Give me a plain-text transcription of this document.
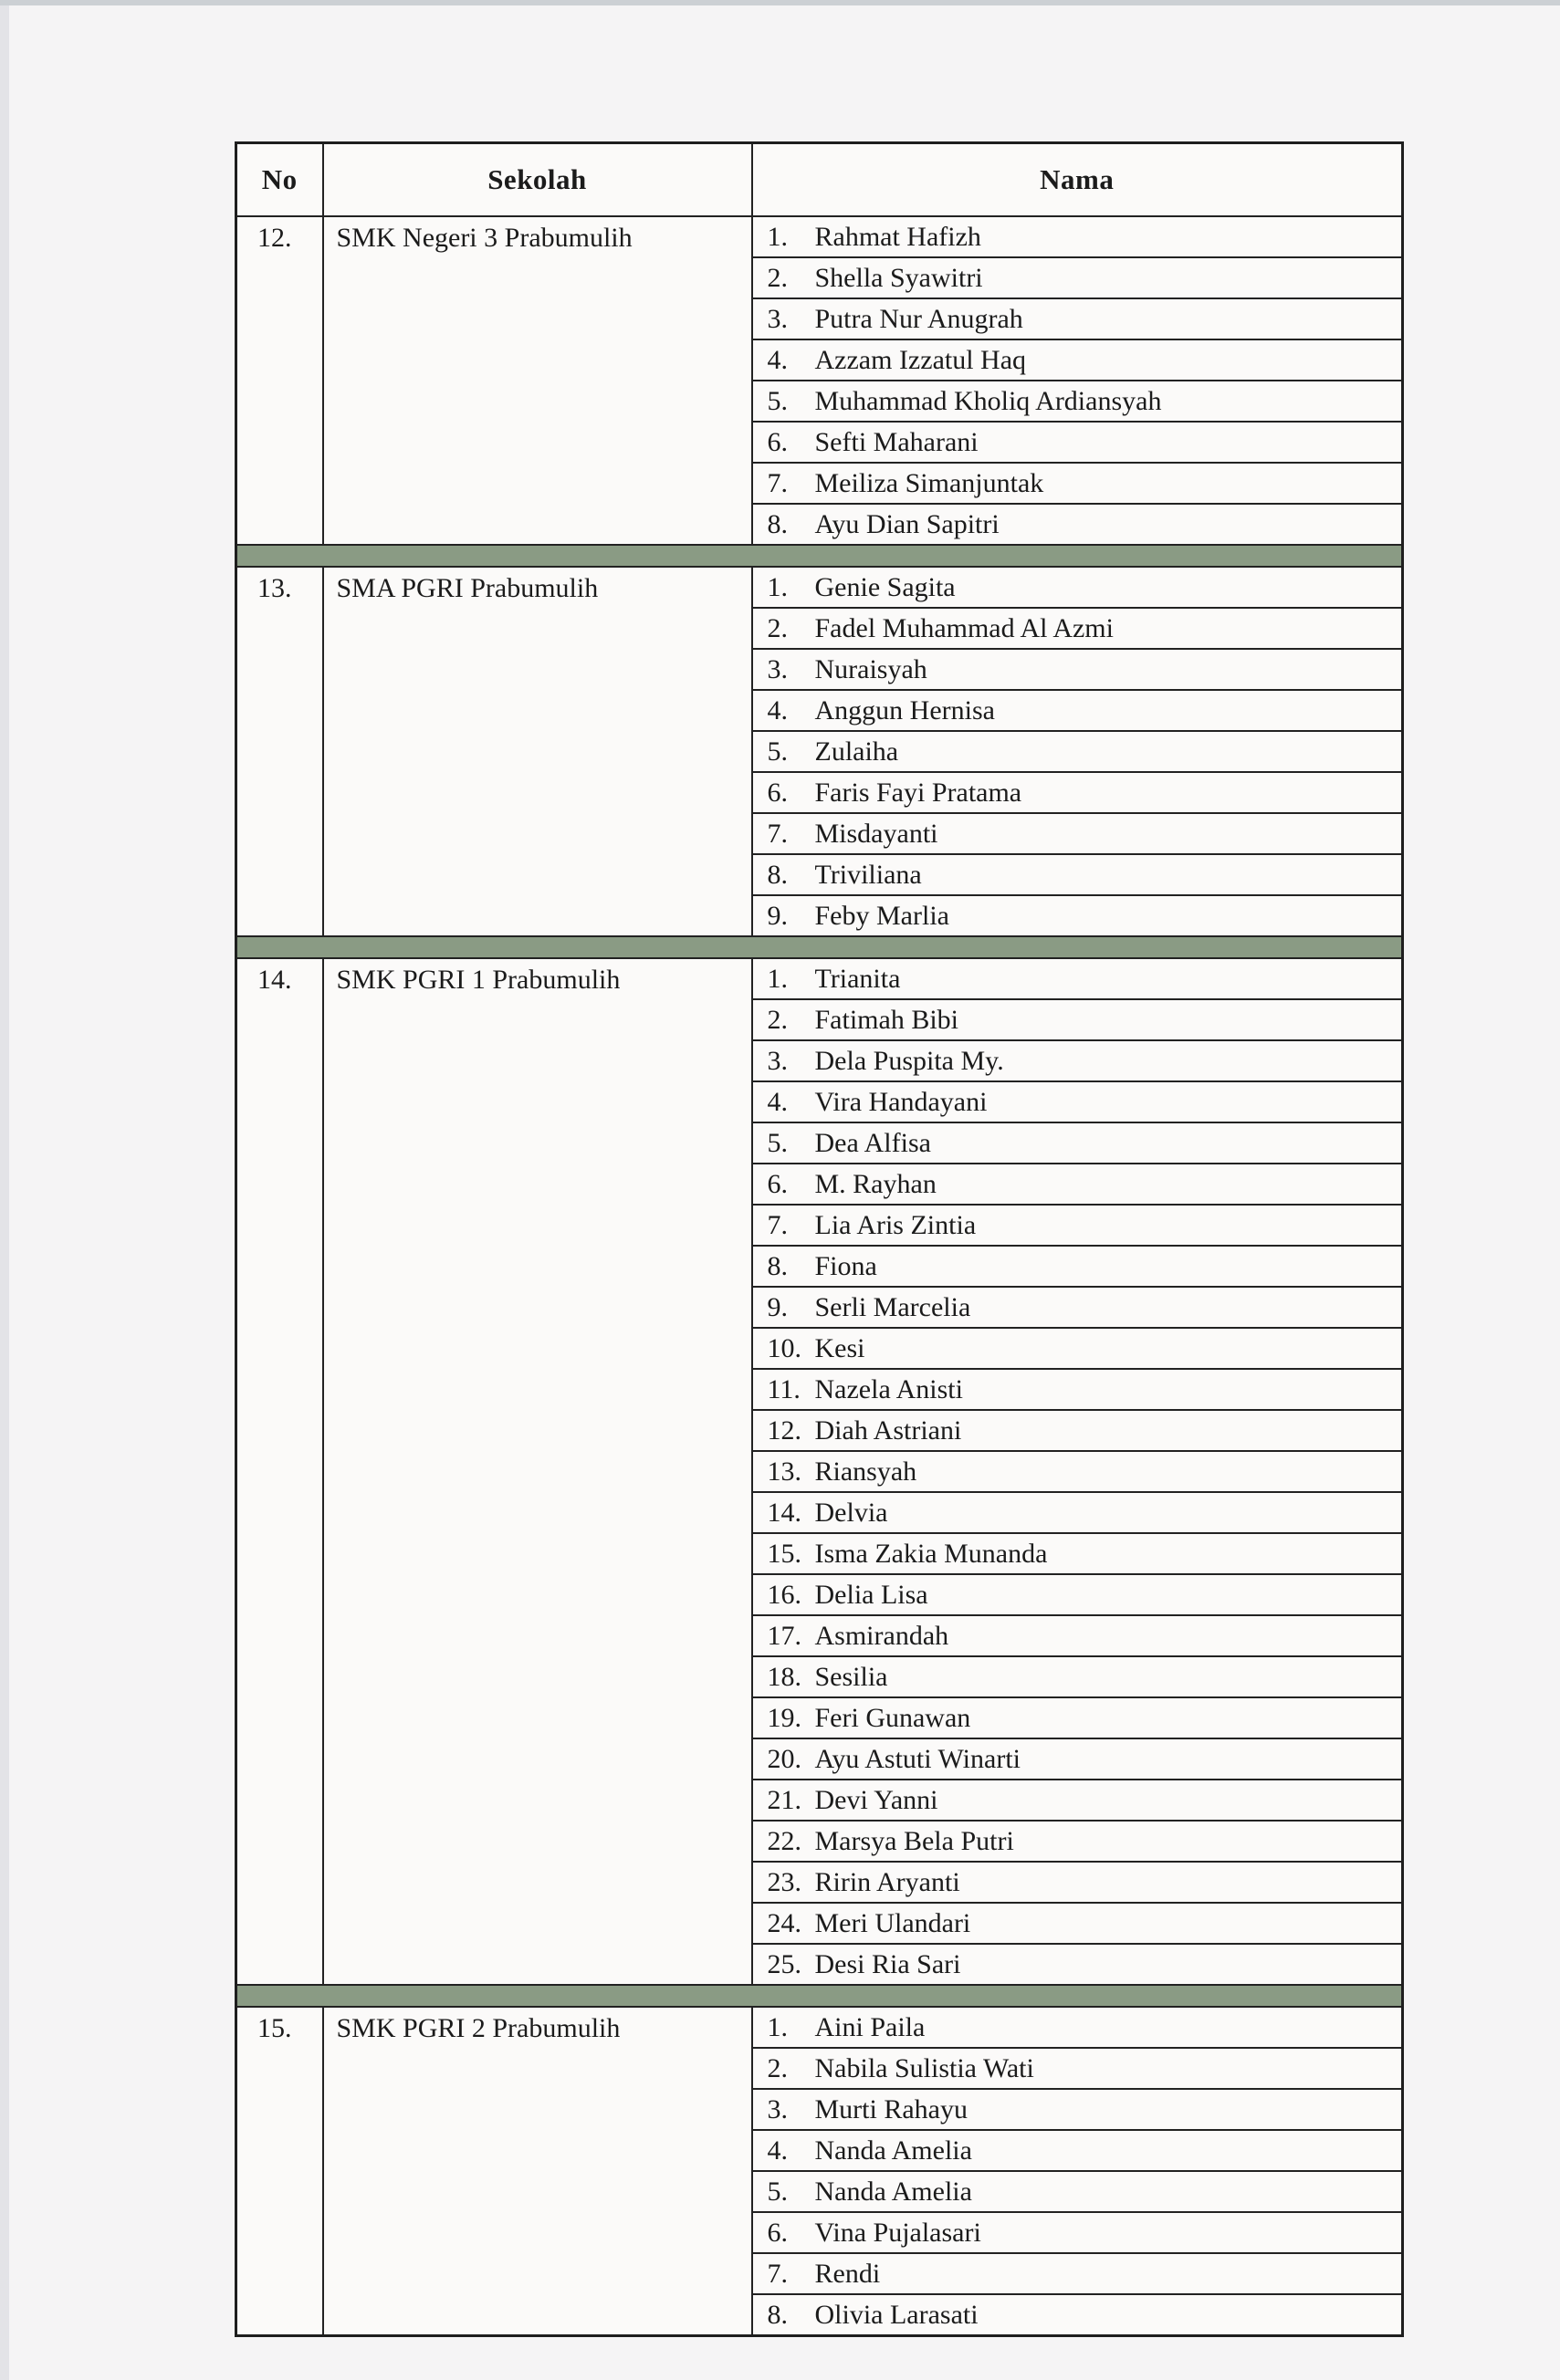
No	Sekolah	Nama
12.	SMK Negeri 3 Prabumulih	1. Rahmat Hafizh
		2. Shella Syawitri
		3. Putra Nur Anugrah
		4. Azzam Izzatul Haq
		5. Muhammad Kholiq Ardiansyah
		6. Sefti Maharani
		7. Meiliza Simanjuntak
		8. Ayu Dian Sapitri

13.	SMA PGRI Prabumulih	1. Genie Sagita
		2. Fadel Muhammad Al Azmi
		3. Nuraisyah
		4. Anggun Hernisa
		5. Zulaiha
		6. Faris Fayi Pratama
		7. Misdayanti
		8. Triviliana
		9. Feby Marlia

14.	SMK PGRI 1 Prabumulih	1. Trianita
		2. Fatimah Bibi
		3. Dela Puspita My.
		4. Vira Handayani
		5. Dea Alfisa
		6. M. Rayhan
		7. Lia Aris Zintia
		8. Fiona
		9. Serli Marcelia
		10. Kesi
		11. Nazela Anisti
		12. Diah Astriani
		13. Riansyah
		14. Delvia
		15. Isma Zakia Munanda
		16. Delia Lisa
		17. Asmirandah
		18. Sesilia
		19. Feri Gunawan
		20. Ayu Astuti Winarti
		21. Devi Yanni
		22. Marsya Bela Putri
		23. Ririn Aryanti
		24. Meri Ulandari
		25. Desi Ria Sari

15.	SMK PGRI 2 Prabumulih	1. Aini Paila
		2. Nabila Sulistia Wati
		3. Murti Rahayu
		4. Nanda Amelia
		5. Nanda Amelia
		6. Vina Pujalasari
		7. Rendi
		8. Olivia Larasati
